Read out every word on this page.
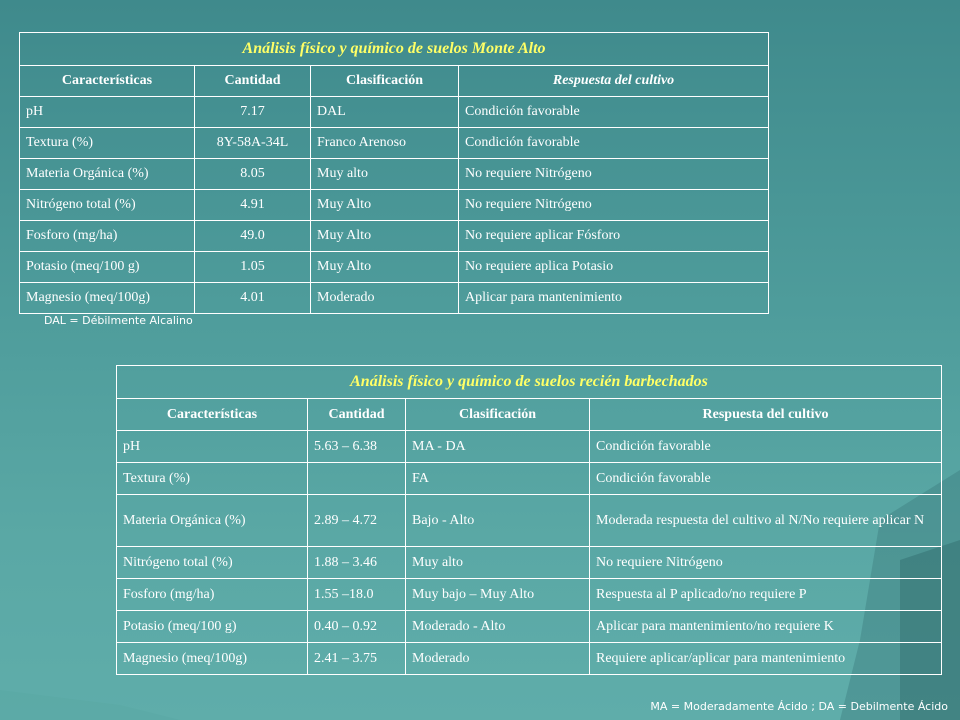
Análisis físico y químico de suelos Monte Alto			
Características	Cantidad	Clasificación	Respuesta del cultivo
pH	7.17	DAL	Condición favorable
Textura (%)	8Y-58A-34L	Franco Arenoso	Condición favorable
Materia Orgánica (%)	8.05	Muy alto	No requiere Nitrógeno
Nitrógeno total (%)	4.91	Muy Alto	No requiere Nitrógeno
Fosforo (mg/ha)	49.0	Muy Alto	No requiere aplicar Fósforo
Potasio (meq/100 g)	1.05	Muy Alto	No requiere aplica Potasio
Magnesio (meq/100g)	4.01	Moderado	Aplicar para mantenimiento
DAL = Débilmente Alcalino
Análisis físico y químico de suelos recién barbechados			
Características	Cantidad	Clasificación	Respuesta del cultivo
pH	5.63 – 6.38	MA - DA	Condición favorable
Textura (%)		FA	Condición favorable
Materia Orgánica (%)	2.89 – 4.72	Bajo - Alto	Moderada respuesta del cultivo al N/No requiere aplicar N
Nitrógeno total (%)	1.88 – 3.46	Muy alto	No requiere Nitrógeno
Fosforo (mg/ha)	1.55 –18.0	Muy bajo – Muy Alto	Respuesta al P aplicado/no requiere P
Potasio (meq/100 g)	0.40 – 0.92	Moderado - Alto	Aplicar para mantenimiento/no requiere K
Magnesio (meq/100g)	2.41 – 3.75	Moderado	Requiere aplicar/aplicar para mantenimiento
MA = Moderadamente Ácido ; DA = Debilmente Ácido
